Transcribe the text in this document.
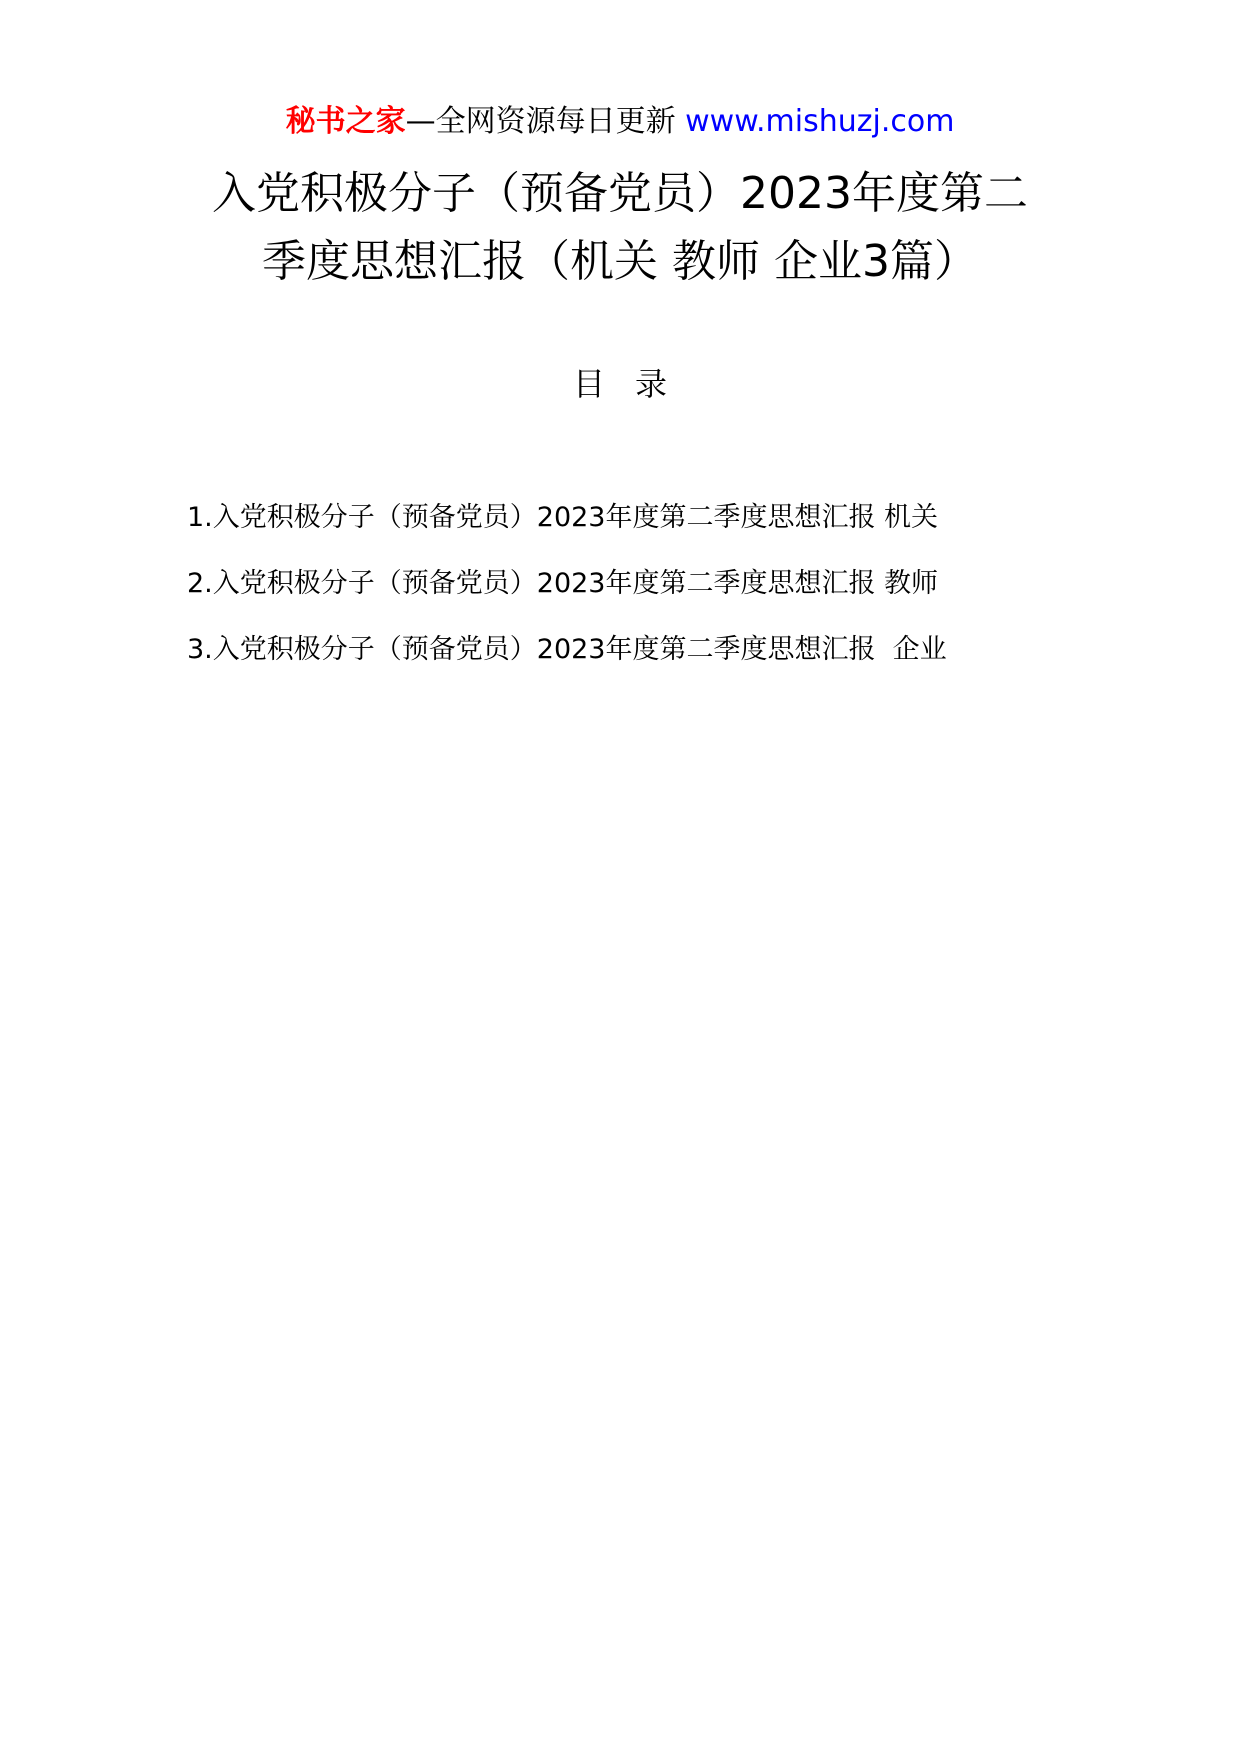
秘书之家—全网资源每日更新 www.mishuzj.com
入党积极分子（预备党员）2023年度第二
季度思想汇报（机关 教师 企业3篇）
目录
1.入党积极分子（预备党员）2023年度第二季度思想汇报 机关
2.入党积极分子（预备党员）2023年度第二季度思想汇报 教师
3.入党积极分子（预备党员）2023年度第二季度思想汇报  企业
